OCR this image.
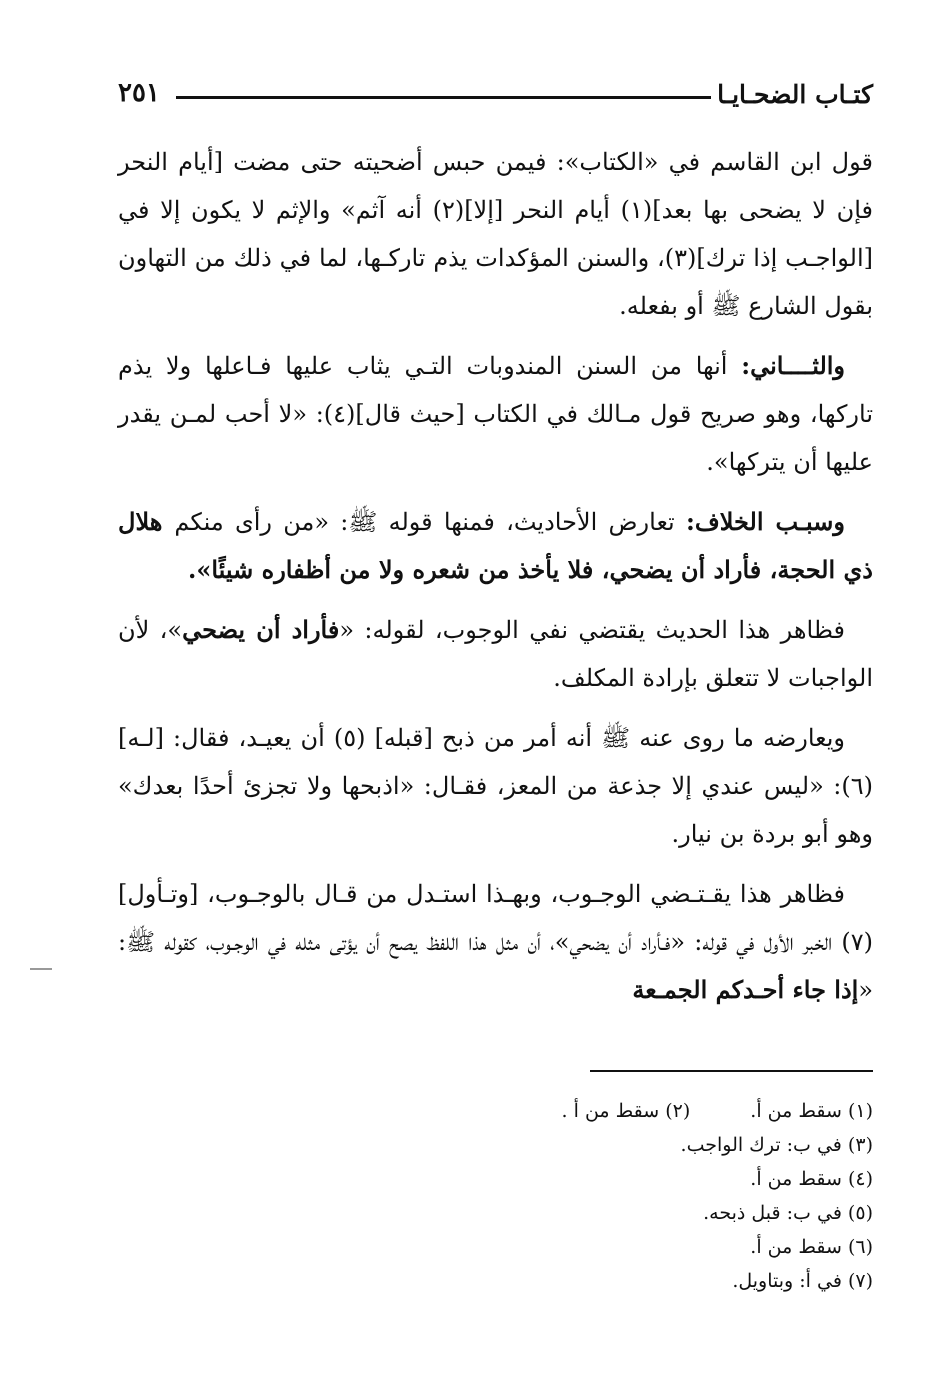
كتـاب الضحـايـا
٢٥١

قول ابن القاسم في «الكتاب»: فيمن حبس أضحيته حتى مضت [أيام النحر فإن لا يضحى بها بعد](١) أيام النحر [إلا](٢) أنه آثم» والإثم لا يكون إلا في [الواجـب إذا ترك](٣)، والسنن المؤكدات يذم تاركـها، لما في ذلك من التهاون بقول الشارع ﷺ أو بفعله.

والثــــاني: أنها من السنن المندوبات التـي يثاب عليها فـاعلها ولا يذم تاركها، وهو صريح قول مـالك في الكتاب [حيث قال](٤): «لا أحب لمـن يقدر عليها أن يتركها».

وسبـب الخلاف: تعارض الأحاديث، فمنها قوله ﷺ: «من رأى منكم هلال ذي الحجة، فأراد أن يضحي، فلا يأخذ من شعره ولا من أظفاره شيئًا».

فظاهر هذا الحديث يقتضي نفي الوجوب، لقوله: «فأراد أن يضحي»، لأن الواجبات لا تتعلق بإرادة المكلف.

ويعارضه ما روى عنه ﷺ أنه أمر من ذبح [قبله] (٥) أن يعيـد، فقال: [لـه](٦): «ليس عندي إلا جذعة من المعز، فقـال: «اذبحها ولا تجزئ أحدًا بعدك» وهو أبو بردة بن نيار.

فظاهر هذا يقـتـضي الوجـوب، وبهـذا استـدل من قـال بالوجـوب، [وتـأول](٧) الخبر الأول في قوله: «فـأراد أن يضحي»، أن مثل هذا اللفظ يصح أن يؤتى مثله في الوجـوب، كقوله ﷺ: «إذا جاء أحـدكم الجمـعة

(١) سقط من أ.(٢) سقط من أ .

(٣) في ب: ترك الواجب.

(٤) سقط من أ.

(٥) في ب: قبل ذبحه.

(٦) سقط من أ.

(٧) في أ: وبتاويل.
